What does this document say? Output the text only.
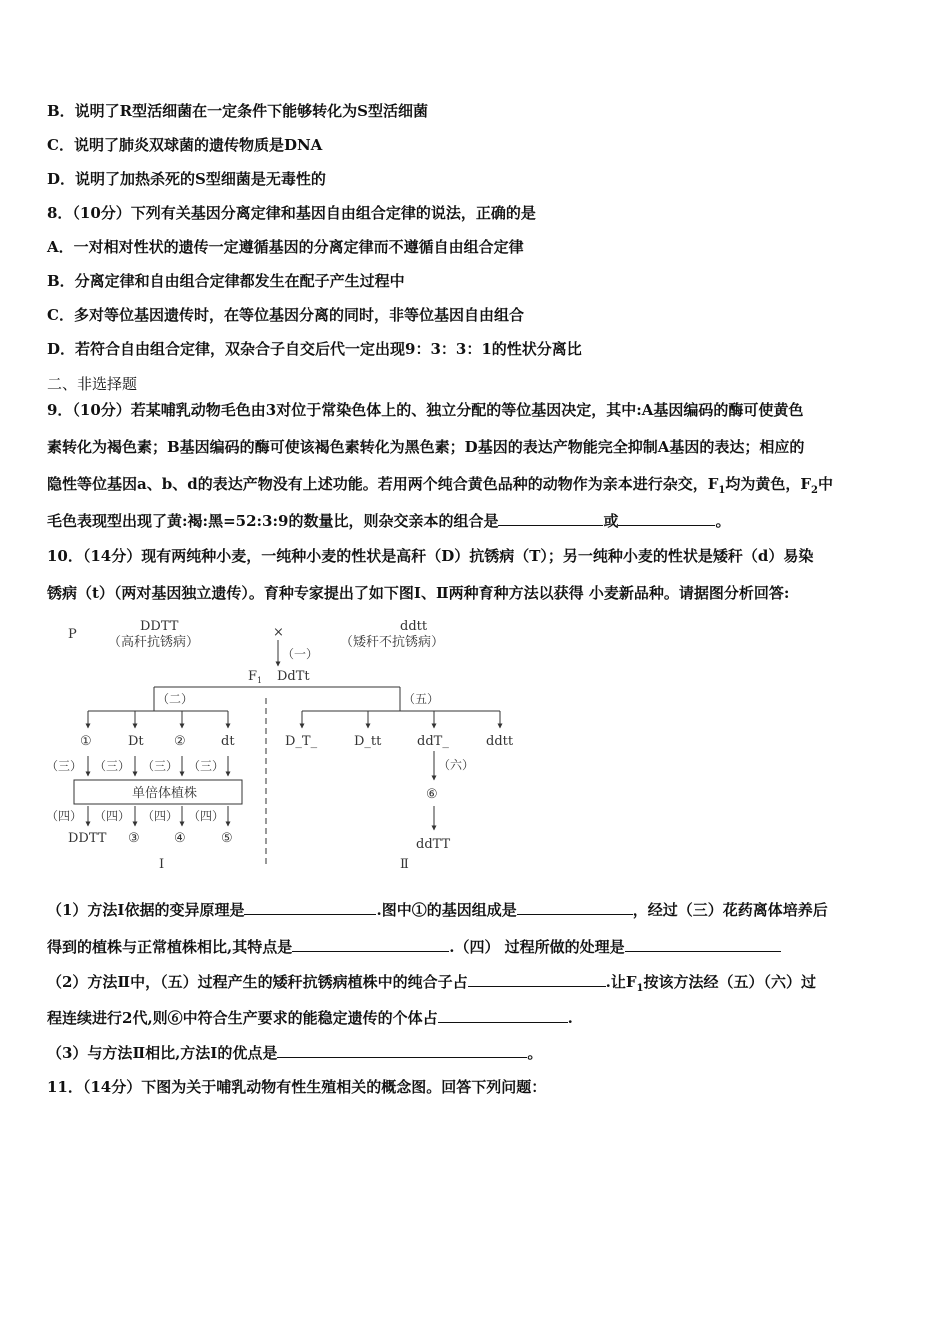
B．说明了R型活细菌在一定条件下能够转化为S型活细菌
C．说明了肺炎双球菌的遗传物质是DNA
D．说明了加热杀死的S型细菌是无毒性的
8．（10分）下列有关基因分离定律和基因自由组合定律的说法，正确的是
A．一对相对性状的遗传一定遵循基因的分离定律而不遵循自由组合定律
B．分离定律和自由组合定律都发生在配子产生过程中
C．多对等位基因遗传时，在等位基因分离的同时，非等位基因自由组合
D．若符合自由组合定律，双杂合子自交后代一定出现9：3：3：1的性状分离比
二、非选择题
9．（10分）若某哺乳动物毛色由3对位于常染色体上的、独立分配的等位基因决定，其中:A基因编码的酶可使黄色
素转化为褐色素；B基因编码的酶可使该褐色素转化为黑色素；D基因的表达产物能完全抑制A基因的表达；相应的
隐性等位基因a、b、d的表达产物没有上述功能。若用两个纯合黄色品种的动物作为亲本进行杂交，$F_1$均为黄色，$F_2$中
毛色表现型出现了黄:褐:黑=52:3:9的数量比，则杂交亲本的组合是	或	。
10．（14分）现有两纯种小麦，一纯种小麦的性状是高秆（D）抗锈病（T）；另一纯种小麦的性状是矮秆（d）易染
锈病（t）（两对基因独立遗传）。育种专家提出了如下图Ⅰ、Ⅱ两种育种方法以获得 小麦新品种。请据图分析回答:
P
DDTT
（高秆抗锈病）
×	ddtt
（矮秆不抗锈病）
（一）
$F_1$ DdTt
（二）	（五）
①	Dt ②	dt	D_T_	D_tt	ddT_	ddtt
（三） （三） （三） （三）
单倍体植株
（四） （四） （四） （四）
DDTT ③	④	⑤
（六）
⑥
ddTT
Ⅰ	Ⅱ
（1）方法Ⅰ依据的变异原理是	.图中①的基因组成是	，经过（三）花药离体培养后
得到的植株与正常植株相比,其特点是	.（四） 过程所做的处理是
（2）方法Ⅱ中，（五）过程产生的矮秆抗锈病植株中的纯合子占	.让$F_1$按该方法经（五）（六）过
程连续进行2代,则⑥中符合生产要求的能稳定遗传的个体占	.
（3）与方法Ⅱ相比,方法Ⅰ的优点是	。
11．（14分）下图为关于哺乳动物有性生殖相关的概念图。回答下列问题：
